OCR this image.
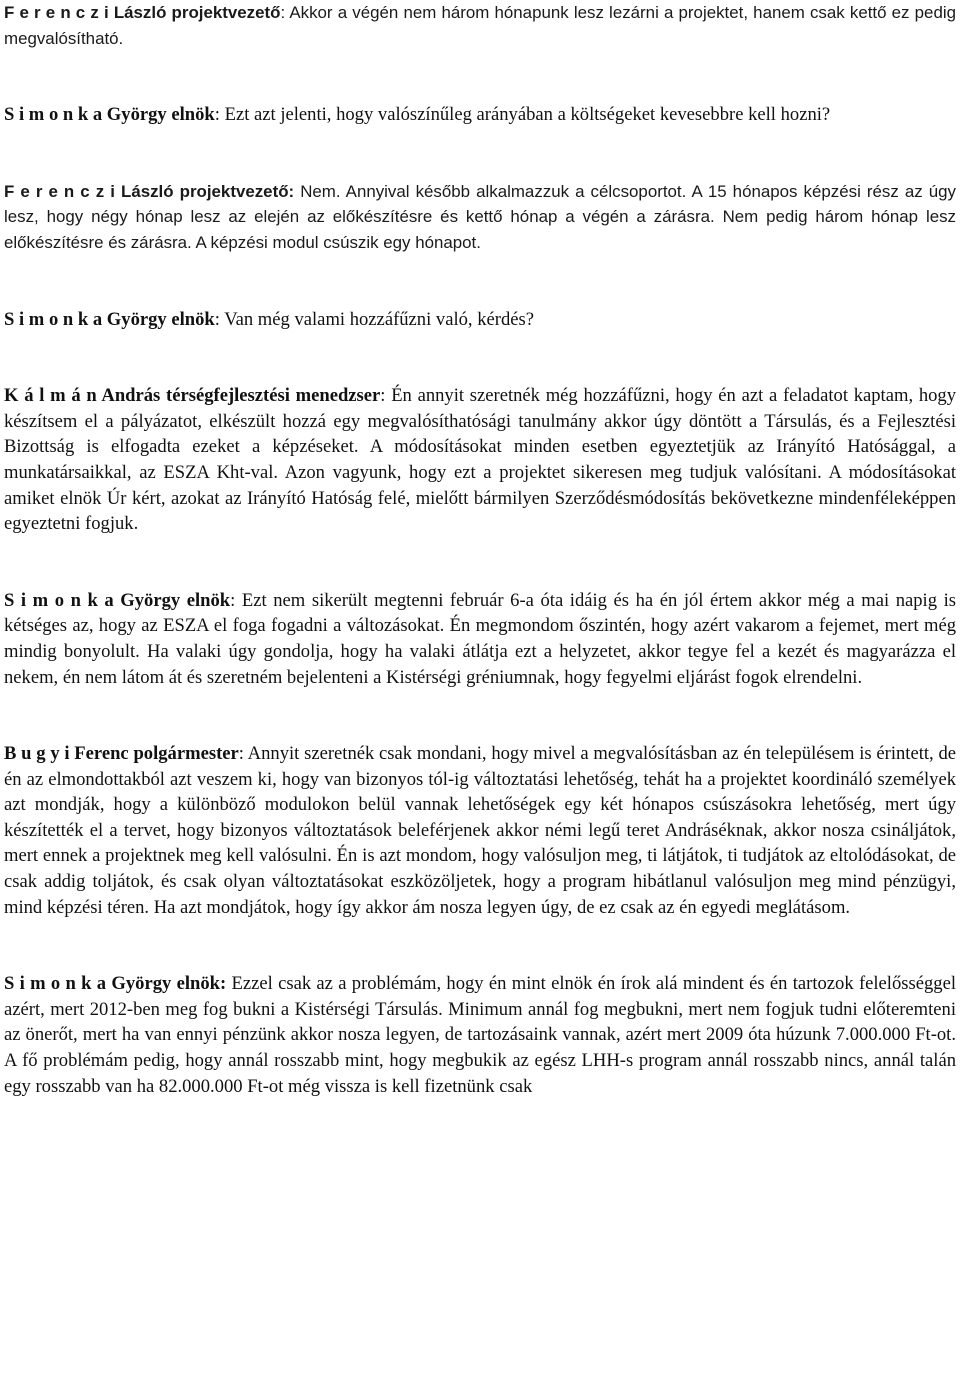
F e r e n c z i László projektvezető: Akkor a végén nem három hónapunk lesz lezárni a projektet, hanem csak kettő ez pedig megvalósítható.

S i m o n k a György elnök: Ezt azt jelenti, hogy valószínűleg arányában a költségeket kevesebbre kell hozni?

F e r e n c z i László projektvezető: Nem. Annyival később alkalmazzuk a célcsoportot. A 15 hónapos képzési rész az úgy lesz, hogy négy hónap lesz az elején az előkészítésre és kettő hónap a végén a zárásra. Nem pedig három hónap lesz előkészítésre és zárásra. A képzési modul csúszik egy hónapot.

S i m o n k a György elnök: Van még valami hozzáfűzni való, kérdés?

K á l m á n András térségfejlesztési menedzser: Én annyit szeretnék még hozzáfűzni, hogy én azt a feladatot kaptam, hogy készítsem el a pályázatot, elkészült hozzá egy megvalósíthatósági tanulmány akkor úgy döntött a Társulás, és a Fejlesztési Bizottság is elfogadta ezeket a képzéseket. A módosításokat minden esetben egyeztetjük az Irányító Hatósággal, a munkatársaikkal, az ESZA Kht-val. Azon vagyunk, hogy ezt a projektet sikeresen meg tudjuk valósítani. A módosításokat amiket elnök Úr kért, azokat az Irányító Hatóság felé, mielőtt bármilyen Szerződésmódosítás bekövetkezne mindenféleképpen egyeztetni fogjuk.

S i m o n k a György elnök: Ezt nem sikerült megtenni február 6-a óta idáig és ha én jól értem akkor még a mai napig is kétséges az, hogy az ESZA el foga fogadni a változásokat. Én megmondom őszintén, hogy azért vakarom a fejemet, mert még mindig bonyolult. Ha valaki úgy gondolja, hogy ha valaki átlátja ezt a helyzetet, akkor tegye fel a kezét és magyarázza el nekem, én nem látom át és szeretném bejelenteni a Kistérségi gréniumnak, hogy fegyelmi eljárást fogok elrendelni.

B u g y i Ferenc polgármester: Annyit szeretnék csak mondani, hogy mivel a megvalósításban az én településem is érintett, de én az elmondottakból azt veszem ki, hogy van bizonyos tól-ig változtatási lehetőség, tehát ha a projektet koordináló személyek azt mondják, hogy a különböző modulokon belül vannak lehetőségek egy két hónapos csúszásokra lehetőség, mert úgy készítették el a tervet, hogy bizonyos változtatások beleférjenek akkor némi legű teret Andráséknak, akkor nosza csináljátok, mert ennek a projektnek meg kell valósulni. Én is azt mondom, hogy valósuljon meg, ti látjátok, ti tudjátok az eltolódásokat, de csak addig toljátok, és csak olyan változtatásokat eszközöljetek, hogy a program hibátlanul valósuljon meg mind pénzügyi, mind képzési téren. Ha azt mondjátok, hogy így akkor ám nosza legyen úgy, de ez csak az én egyedi meglátásom.

S i m o n k a György elnök: Ezzel csak az a problémám, hogy én mint elnök én írok alá mindent és én tartozok felelősséggel azért, mert 2012-ben meg fog bukni a Kistérségi Társulás. Minimum annál fog megbukni, mert nem fogjuk tudni előteremteni az önerőt, mert ha van ennyi pénzünk akkor nosza legyen, de tartozásaink vannak, azért mert 2009 óta húzunk 7.000.000 Ft-ot. A fő problémám pedig, hogy annál rosszabb mint, hogy megbukik az egész LHH-s program annál rosszabb nincs, annál talán egy rosszabb van ha 82.000.000 Ft-ot még vissza is kell fizetnünk csak
